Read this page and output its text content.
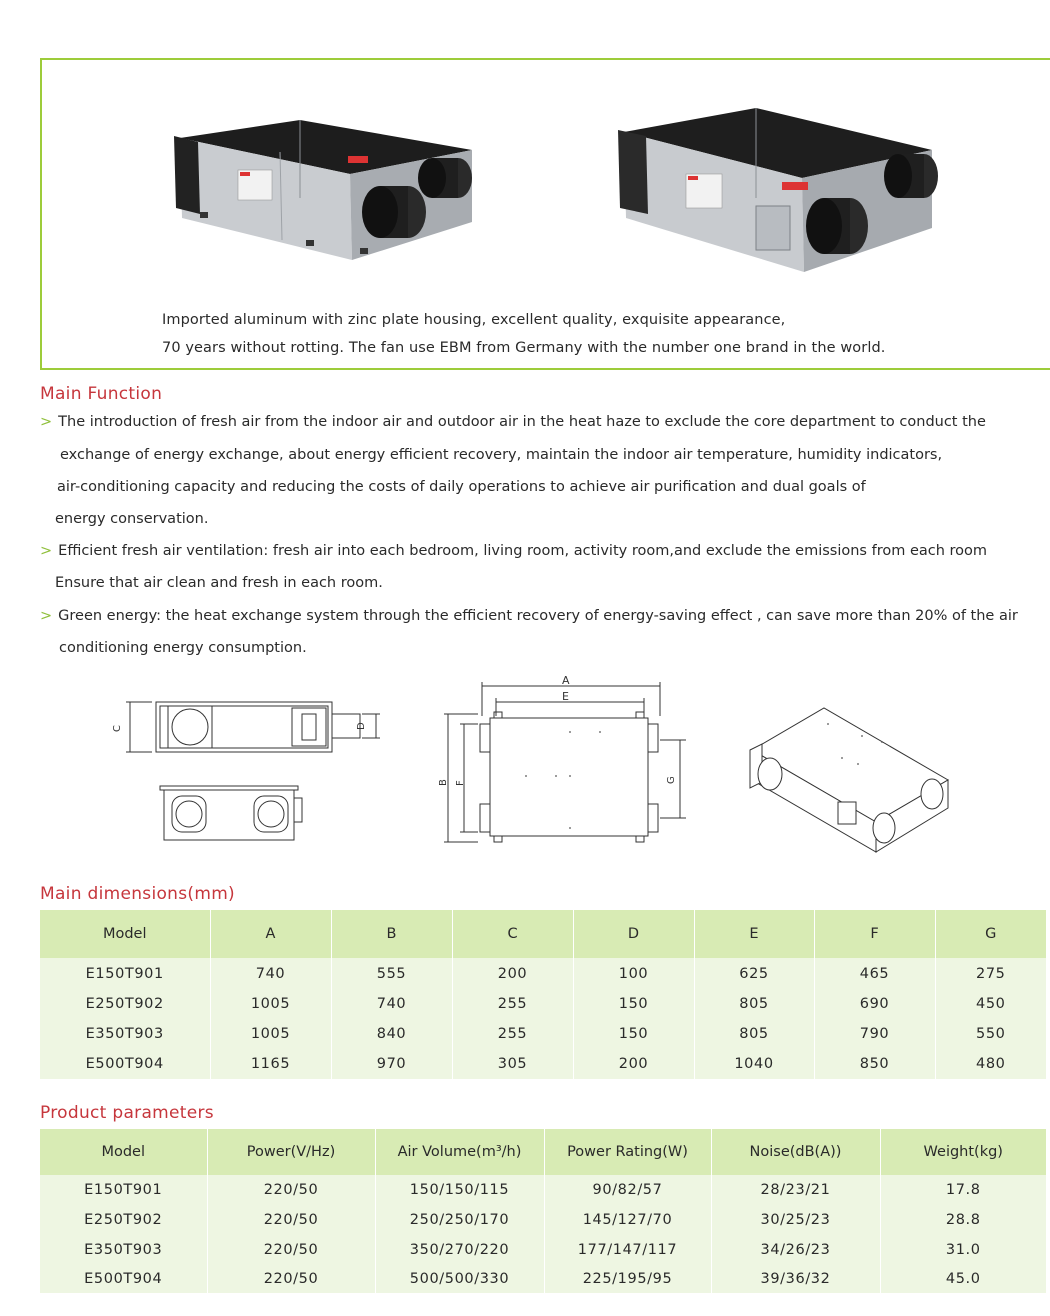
Imported aluminum with zinc plate housing, excellent quality, exquisite appearance,
70 years without rotting. The fan use EBM from Germany with the number one brand in the world.
Main Function
> The introduction of fresh air from the indoor air and outdoor air in the heat haze to exclude the core department to conduct the
exchange of energy exchange, about energy efficient recovery, maintain the indoor air temperature, humidity indicators,
air-conditioning capacity and reducing the costs of daily operations to achieve air purification and dual goals of
energy conservation.
> Efficient fresh air ventilation: fresh air into each bedroom, living room, activity room,and exclude the emissions from each room
Ensure that air clean and fresh in each room.
> Green energy: the heat exchange system through the efficient recovery of energy-saving effect , can save more than 20% of the air
conditioning energy consumption.
C	D
A
E
B F	G
Main dimensions(mm)
Model	A	B	C	D	E	F	G
E150T901	740	555	200	100	625	465	275
E250T902	1005	740	255	150	805	690	450
E350T903	1005	840	255	150	805	790	550
E500T904	1165	970	305	200	1040	850	480
Product parameters
Model	Power(V/Hz)	Air Volume(m³/h)	Power Rating(W)	Noise(dB(A))	Weight(kg)
E150T901	220/50	150/150/115	90/82/57	28/23/21	17.8
E250T902	220/50	250/250/170	145/127/70	30/25/23	28.8
E350T903	220/50	350/270/220	177/147/117	34/26/23	31.0
E500T904	220/50	500/500/330	225/195/95	39/36/32	45.0
